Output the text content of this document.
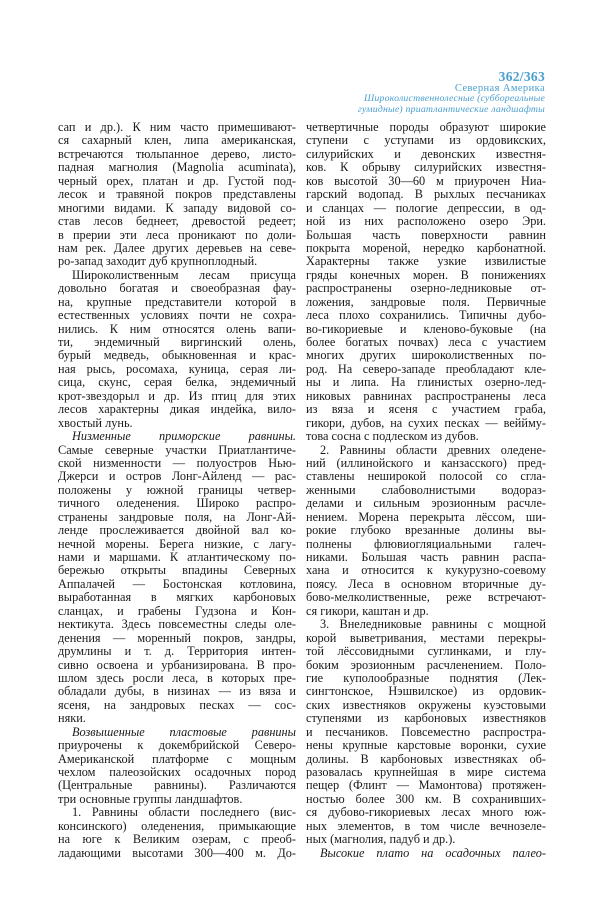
362/363
Северная Америка
Широколиственнолесные (суббореальные
гумидные) приатлантические ландшафты
сап и др.). К ним часто примешивают-
ся сахарный клен, липа американская,
встречаются тюльпанное дерево, листо-
падная магнолия (Magnolia acuminata),
черный орех, платан и др. Густой под-
лесок и травяной покров представлены
многими видами. К западу видовой со-
став лесов беднеет, древостой редеет;
в прерии эти леса проникают по доли-
нам рек. Далее других деревьев на севе-
ро-запад заходит дуб крупноплодный.
Широколиственным лесам присуща
довольно богатая и своеобразная фау-
на, крупные представители которой в
естественных условиях почти не сохра-
нились. К ним относятся олень вапи-
ти, эндемичный виргинский олень,
бурый медведь, обыкновенная и крас-
ная рысь, росомаха, куница, серая ли-
сица, скунс, серая белка, эндемичный
крот-звездорыл и др. Из птиц для этих
лесов характерны дикая индейка, вило-
хвостый лунь.
Низменные приморские равнины.
Самые северные участки Приатлантиче-
ской низменности — полуостров Нью-
Джерси и остров Лонг-Айленд — рас-
положены у южной границы четвер-
тичного оледенения. Широко распро-
странены зандровые поля, на Лонг-Ай-
ленде прослеживается двойной вал ко-
нечной морены. Берега низкие, с лагу-
нами и маршами. К атлантическому по-
бережью открыты впадины Северных
Аппалачей — Бостонская котловина,
выработанная в мягких карбоновых
сланцах, и грабены Гудзона и Кон-
нектикута. Здесь повсеместны следы оле-
денения — моренный покров, зандры,
друмлины и т. д. Территория интен-
сивно освоена и урбанизирована. В про-
шлом здесь росли леса, в которых пре-
обладали дубы, в низинах — из вяза и
ясеня, на зандровых песках — сос-
няки.
Возвышенные пластовые равнины
приурочены к докембрийской Северо-
Американской платформе с мощным
чехлом палеозойских осадочных пород
(Центральные равнины). Различаются
три основные группы ландшафтов.
1. Равнины области последнего (вис-
консинского) оледенения, примыкающие
на юге к Великим озерам, с преоб-
ладающими высотами 300—400 м. До-
четвертичные породы образуют широкие
ступени с уступами из ордовикских,
силурийских и девонских известня-
ков. К обрыву силурийских известня-
ков высотой 30—60 м приурочен Ниа-
гарский водопад. В рыхлых песчаниках
и сланцах — пологие депрессии, в од-
ной из них расположено озеро Эри.
Большая часть поверхности равнин
покрыта мореной, нередко карбонатной.
Характерны также узкие извилистые
гряды конечных морен. В понижениях
распространены озерно-ледниковые от-
ложения, зандровые поля. Первичные
леса плохо сохранились. Типичны дубо-
во-гикориевые и кленово-буковые (на
более богатых почвах) леса с участием
многих других широколиственных по-
род. На северо-западе преобладают кле-
ны и липа. На глинистых озерно-лед-
никовых равнинах распространены леса
из вяза и ясеня с участием граба,
гикори, дубов, на сухих песках — веййму-
това сосна с подлеском из дубов.
2. Равнины области древних оледене-
ний (иллинойского и канзасского) пред-
ставлены неширокой полосой со сгла-
женными слабоволнистыми водораз-
делами и сильным эрозионным расчле-
нением. Морена перекрыта лёссом, ши-
рокие глубоко врезанные долины вы-
полнены флювиогляциальными галеч-
никами. Большая часть равнин распа-
хана и относится к кукурузно-соевому
поясу. Леса в основном вторичные ду-
бово-мелколиственные, реже встречают-
ся гикори, каштан и др.
3. Внеледниковые равнины с мощной
корой выветривания, местами перекры-
той лёссовидными суглинками, и глу-
боким эрозионным расчленением. Поло-
гие куполообразные поднятия (Лек-
сингтонское, Нэшвилское) из ордовик-
ских известняков окружены куэстовыми
ступенями из карбоновых известняков
и песчаников. Повсеместно распростра-
нены крупные карстовые воронки, сухие
долины. В карбоновых известняках об-
разовалась крупнейшая в мире система
пещер (Флинт — Мамонтова) протяжен-
ностью более 300 км. В сохранивших-
ся дубово-гикориевых лесах много юж-
ных элементов, в том числе вечнозеле-
ных (магнолия, падуб и др.).
Высокие плато на осадочных палео-
